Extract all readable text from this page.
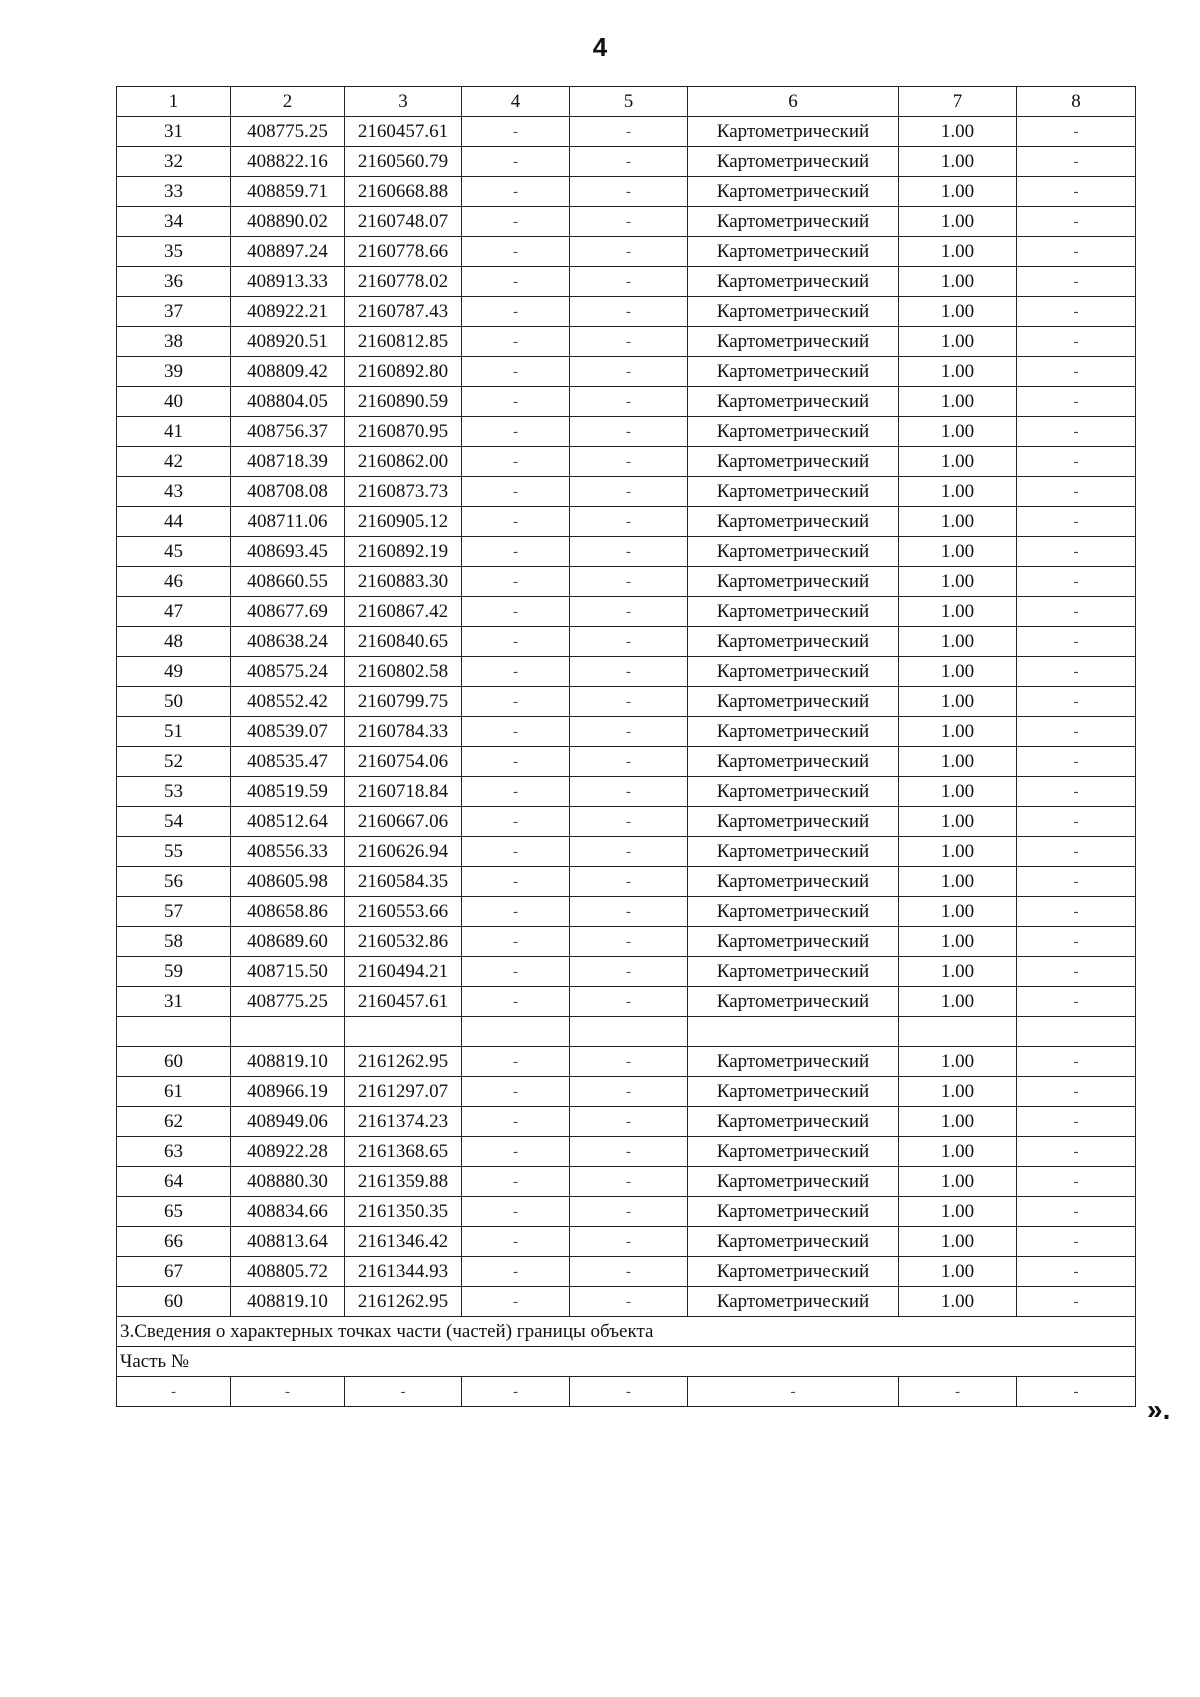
4
1	2	3	4	5	6	7	8
31	408775.25	2160457.61	-	-	Картометрический	1.00	-
32	408822.16	2160560.79	-	-	Картометрический	1.00	-
33	408859.71	2160668.88	-	-	Картометрический	1.00	-
34	408890.02	2160748.07	-	-	Картометрический	1.00	-
35	408897.24	2160778.66	-	-	Картометрический	1.00	-
36	408913.33	2160778.02	-	-	Картометрический	1.00	-
37	408922.21	2160787.43	-	-	Картометрический	1.00	-
38	408920.51	2160812.85	-	-	Картометрический	1.00	-
39	408809.42	2160892.80	-	-	Картометрический	1.00	-
40	408804.05	2160890.59	-	-	Картометрический	1.00	-
41	408756.37	2160870.95	-	-	Картометрический	1.00	-
42	408718.39	2160862.00	-	-	Картометрический	1.00	-
43	408708.08	2160873.73	-	-	Картометрический	1.00	-
44	408711.06	2160905.12	-	-	Картометрический	1.00	-
45	408693.45	2160892.19	-	-	Картометрический	1.00	-
46	408660.55	2160883.30	-	-	Картометрический	1.00	-
47	408677.69	2160867.42	-	-	Картометрический	1.00	-
48	408638.24	2160840.65	-	-	Картометрический	1.00	-
49	408575.24	2160802.58	-	-	Картометрический	1.00	-
50	408552.42	2160799.75	-	-	Картометрический	1.00	-
51	408539.07	2160784.33	-	-	Картометрический	1.00	-
52	408535.47	2160754.06	-	-	Картометрический	1.00	-
53	408519.59	2160718.84	-	-	Картометрический	1.00	-
54	408512.64	2160667.06	-	-	Картометрический	1.00	-
55	408556.33	2160626.94	-	-	Картометрический	1.00	-
56	408605.98	2160584.35	-	-	Картометрический	1.00	-
57	408658.86	2160553.66	-	-	Картометрический	1.00	-
58	408689.60	2160532.86	-	-	Картометрический	1.00	-
59	408715.50	2160494.21	-	-	Картометрический	1.00	-
31	408775.25	2160457.61	-	-	Картометрический	1.00	-

60	408819.10	2161262.95	-	-	Картометрический	1.00	-
61	408966.19	2161297.07	-	-	Картометрический	1.00	-
62	408949.06	2161374.23	-	-	Картометрический	1.00	-
63	408922.28	2161368.65	-	-	Картометрический	1.00	-
64	408880.30	2161359.88	-	-	Картометрический	1.00	-
65	408834.66	2161350.35	-	-	Картометрический	1.00	-
66	408813.64	2161346.42	-	-	Картометрический	1.00	-
67	408805.72	2161344.93	-	-	Картометрический	1.00	-
60	408819.10	2161262.95	-	-	Картометрический	1.00	-
3.Сведения о характерных точках части (частей) границы объекта							
Часть №							
-	-	-	-	-	-	-	-
».
